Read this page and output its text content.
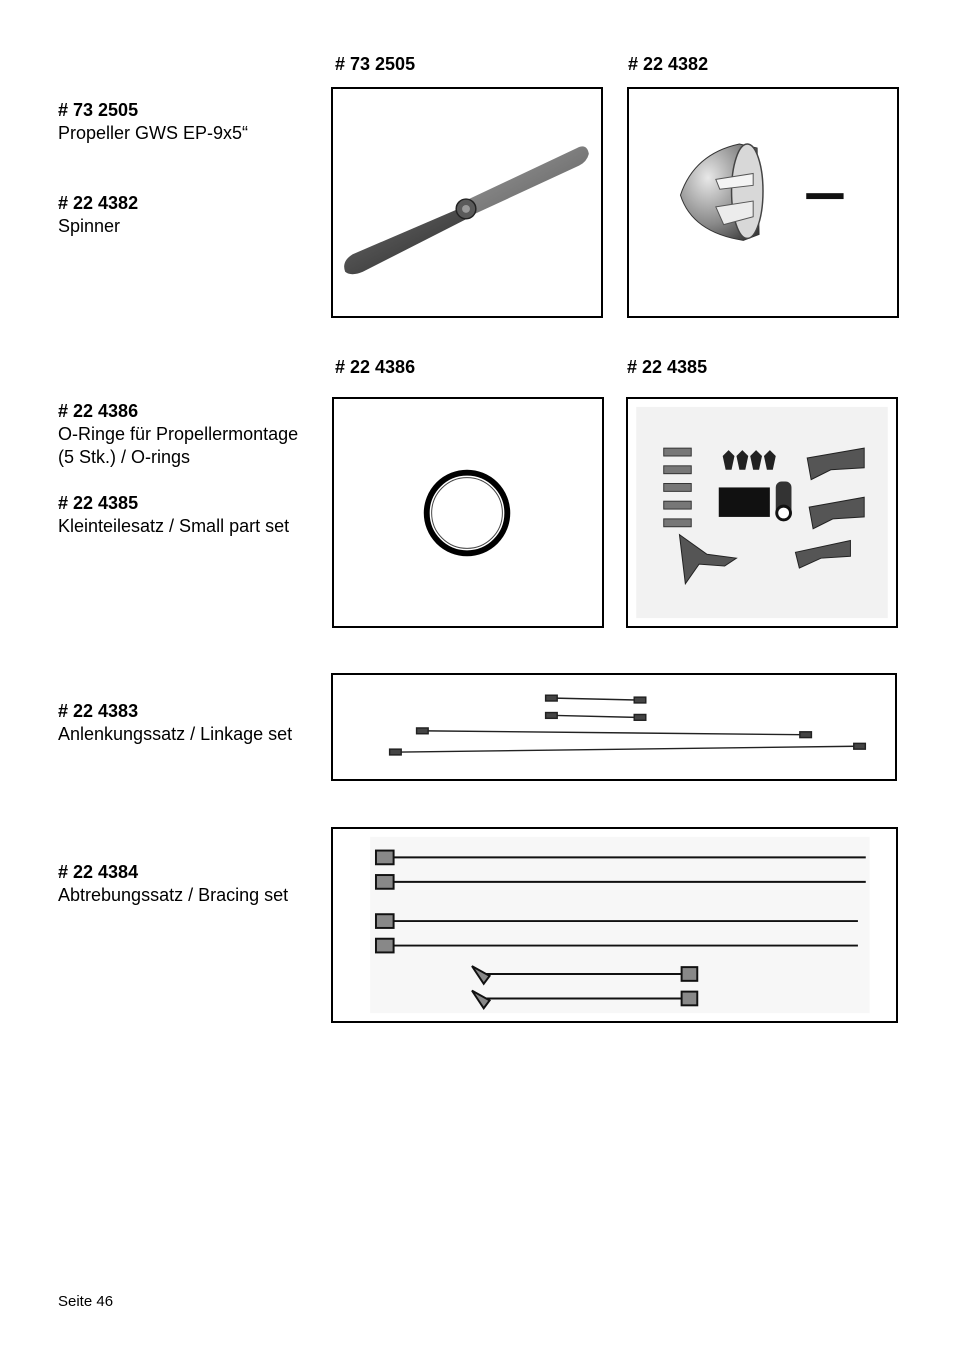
# 73 2505	# 22 4382
# 22 4386	# 22 4385
# 73 2505
Propeller GWS EP-9x5“
# 22 4382
Spinner
# 22 4386
O-Ringe für Propellermontage
(5 Stk.) / O-rings
# 22 4385
Kleinteilesatz / Small part set
# 22 4383
Anlenkungssatz / Linkage set
# 22 4384
Abtrebungssatz / Bracing set
Seite 46
